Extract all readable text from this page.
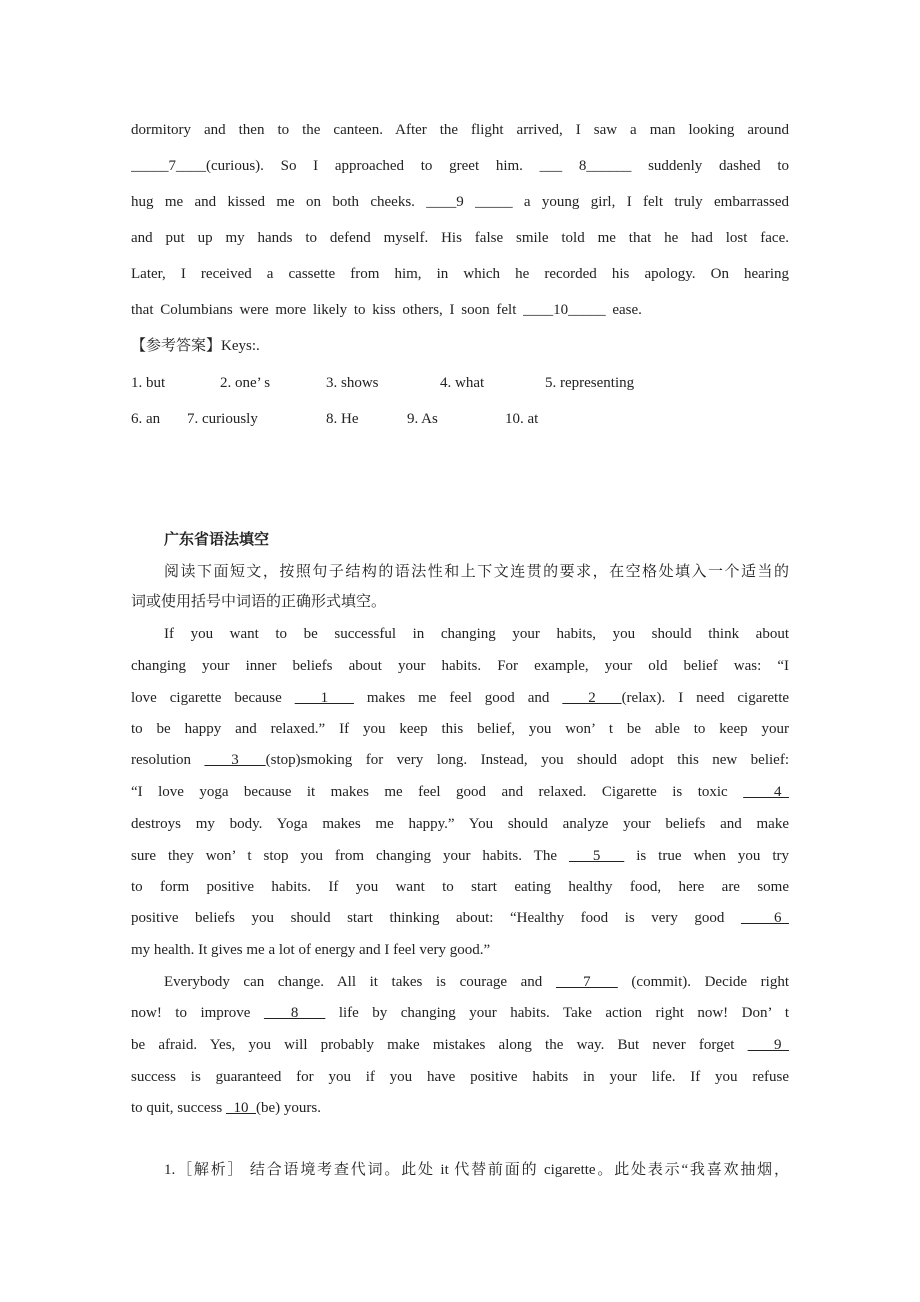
dormitory and then to the canteen. After the flight arrived, I saw a man looking around
_____7____(curious). So I approached to greet him. ___ 8______ suddenly dashed to
hug me and kissed me on both cheeks. ____9 _____ a young girl, I felt truly embarrassed
and put up my hands to defend myself. His false smile told me that he had lost face.
Later, I received a cassette from him, in which he recorded his apology. On hearing
that Columbians were more likely to kiss others, I soon felt ____10_____ ease.
【参考答案】Keys:.
1. but	2. one’ s	3. shows	4. what	5. representing
6. an 7. curiously	8. He	9. As	10. at
广东省语法填空
阅读下面短文，按照句子结构的语法性和上下文连贯的要求，在空格处填入一个适当的
词或使用括号中词语的正确形式填空。
If you want to be successful in changing your habits, you should think about
changing your inner beliefs about your habits. For example, your old belief was: “I
love cigarette because   1   makes me feel good and   2  (relax). I need cigarette
to be happy and relaxed.” If you keep this belief, you won’ t be able to keep your
resolution   3  (stop)smoking for very long. Instead, you should adopt this new belief:
“I love yoga because it makes me feel good and relaxed. Cigarette is toxic   4
destroys my body. Yoga makes me happy.” You should analyze your beliefs and make
sure they won’ t stop you from changing your habits. The   5   is true when you try
to form positive habits. If you want to start eating healthy food, here are some
positive beliefs you should start thinking about: “Healthy food is very good   6
my health. It gives me a lot of energy and I feel very good.”
Everybody can change. All it takes is courage and   7   (commit). Decide right
now! to improve   8   life by changing your habits. Take action right now! Don’ t
be afraid. Yes, you will probably make mistakes along the way. But never forget   9
success is guaranteed for you if you have positive habits in your life. If you refuse
to quit, success   10  (be) yours.
1.［解析］ 结合语境考查代词。此处 it 代替前面的 cigarette。此处表示“我喜欢抽烟，
